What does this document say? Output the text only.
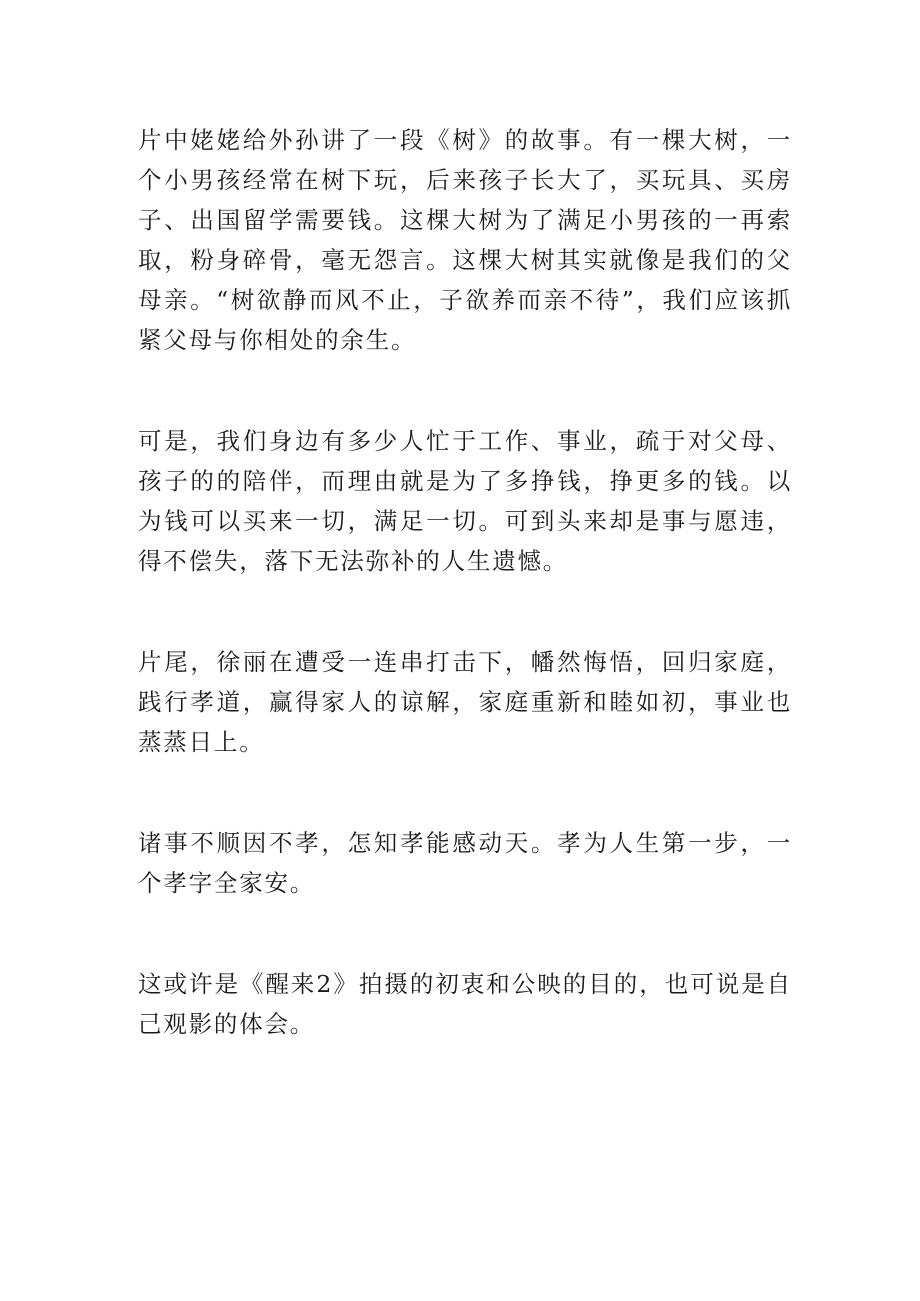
片中姥姥给外孙讲了一段《树》的故事。有一棵大树，一个小男孩经常在树下玩，后来孩子长大了，买玩具、买房子、出国留学需要钱。这棵大树为了满足小男孩的一再索取，粉身碎骨，毫无怨言。这棵大树其实就像是我们的父母亲。“树欲静而风不止，子欲养而亲不待”，我们应该抓紧父母与你相处的余生。

可是，我们身边有多少人忙于工作、事业，疏于对父母、孩子的的陪伴，而理由就是为了多挣钱，挣更多的钱。以为钱可以买来一切，满足一切。可到头来却是事与愿违，得不偿失，落下无法弥补的人生遗憾。

片尾，徐丽在遭受一连串打击下，幡然悔悟，回归家庭，践行孝道，赢得家人的谅解，家庭重新和睦如初，事业也蒸蒸日上。

诸事不顺因不孝，怎知孝能感动天。孝为人生第一步，一个孝字全家安。

这或许是《醒来2》拍摄的初衷和公映的目的，也可说是自己观影的体会。
